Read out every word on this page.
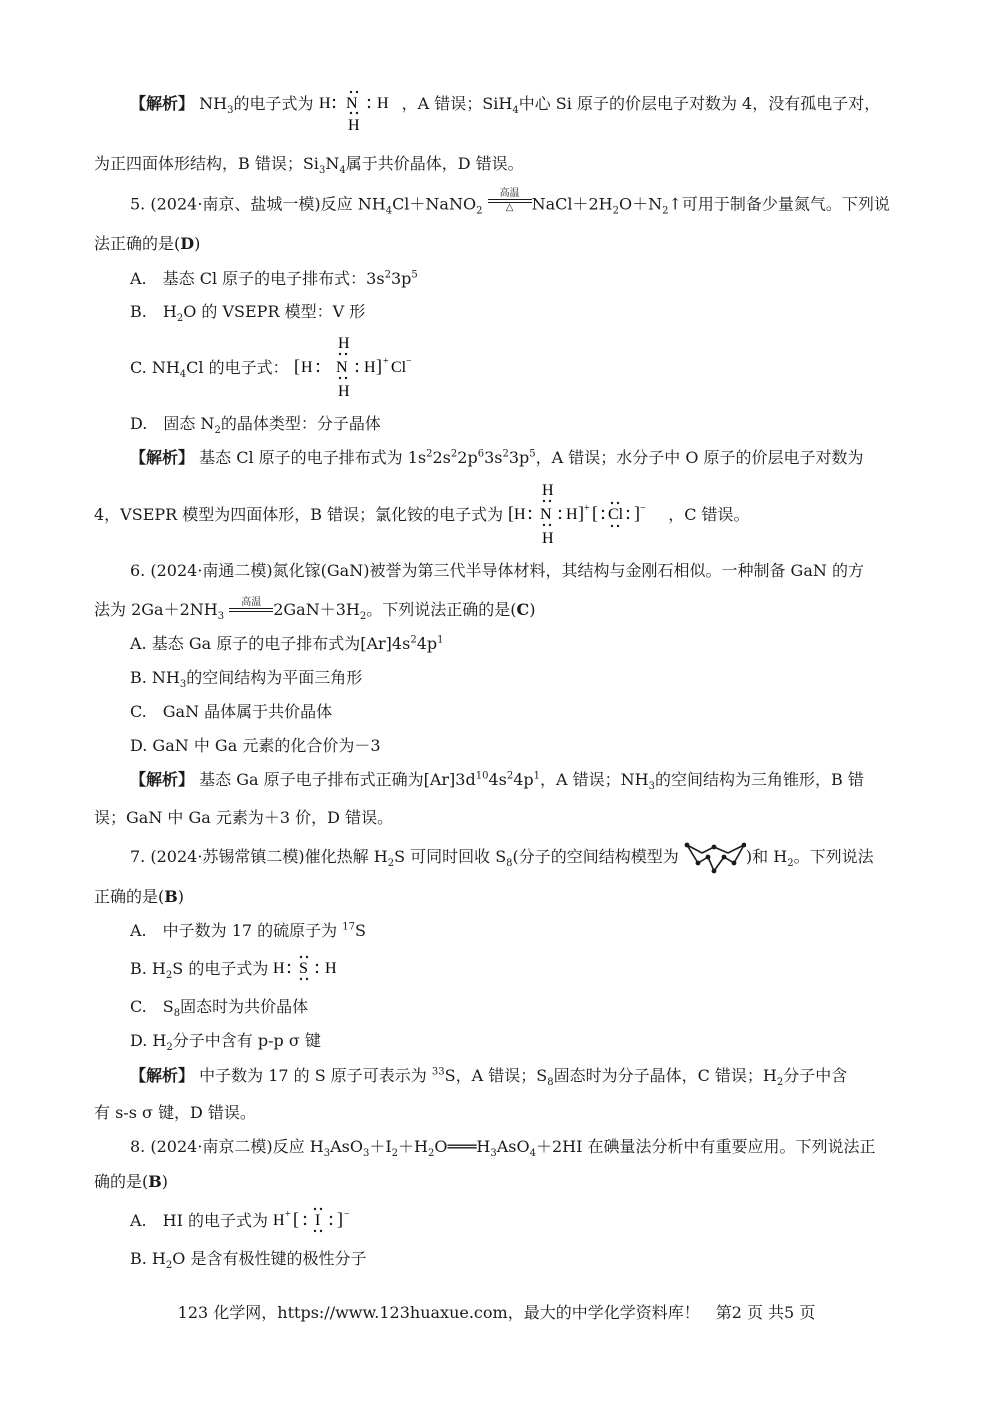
【解析】 $NH_3$的电子式为 H N H
H
，A 错误；SiH$_4$中心 Si 原子的价层电子对数为 4，没有孤电子对，
为正四面体形结构，B 错误；$Si_3N_4$属于共价晶体，D 错误。
5. (2024·南京、盐城一模)反应 $NH_4Cl+NaNO_2$
高温
△	$NaCl+2H_2O+N_2↑$可用于制备少量氮气。下列说
法正确的是(D)
A.　基态 Cl 原子的电子排布式：$3s^23p^5$
B.　$H_2O$ 的 VSEPR 模型：V 形
C. $NH_4Cl$ 的电子式：
H
[ H N H ] + Cl −
H
D.　固态 $N_2$的晶体类型：分子晶体
【解析】 基态 Cl 原子的电子排布式为 $1s^22s^22p^63s^23p^5$，A 错误；水分子中 O 原子的价层电子对数为
4，VSEPR 模型为四面体形，B 错误；氯化铵的电子式为
H
[ H N H ] + [ Cl ] −
H
，C 错误。
6. (2024·南通二模)氮化镓(GaN)被誉为第三代半导体材料，其结构与金刚石相似。一种制备 GaN 的方
法为 $2Ga+2NH_3$
高温 $2GaN+3H_2$。下列说法正确的是(C)
A. 基态 Ga 原子的电子排布式为$[Ar]4s^24p^1$
B. $NH_3$的空间结构为平面三角形
C.　GaN 晶体属于共价晶体
D. GaN 中 Ga 元素的化合价为－3
【解析】 基态 Ga 原子电子排布式正确为$[Ar]3d^{10}4s^24p^1$，A 错误；$NH_3$的空间结构为三角锥形，B 错
误；GaN 中 Ga 元素为＋3 价，D 错误。
7. (2024·苏锡常镇二模)催化热解 $H_2S$ 可同时回收 $S_8$(分子的空间结构模型为	)和 $H_2$。下列说法
正确的是(B)
A.　中子数为 17 的硫原子为 $^{17}$S
B. $H_2S$ 的电子式为 H S H
C.　$S_8$固态时为共价晶体
D. $H_2$分子中含有 p-p σ 键
【解析】 中子数为 17 的 S 原子可表示为 $^{33}$S，A 错误；$S_8$固态时为分子晶体，C 错误；$H_2$分子中含
有 s-s σ 键，D 错误。
8. (2024·南京二模)反应 $H_3AsO_3+I_2+H_2O═══H_3AsO_4+2HI$ 在碘量法分析中有重要应用。下列说法正
确的是(B)
A.　HI 的电子式为 H + [ I ] −
B. $H_2O$ 是含有极性键的极性分子
123 化学网，https://www.123huaxue.com，最大的中学化学资料库！　第2 页 共5 页
